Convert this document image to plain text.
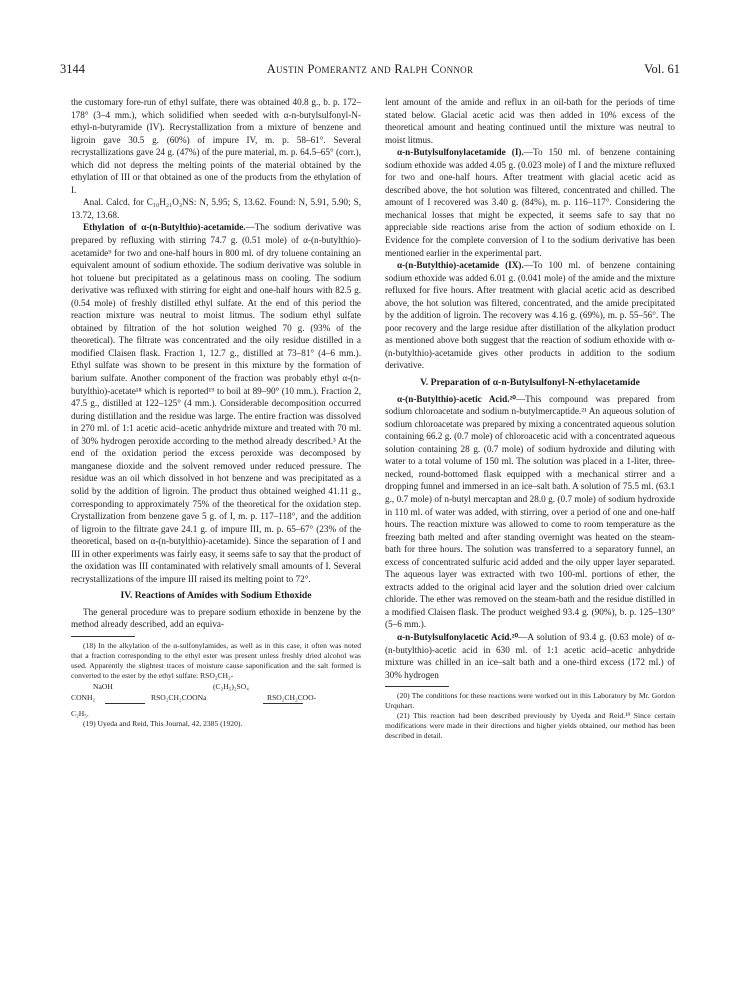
3144	Austin Pomerantz and Ralph Connor	Vol. 61

the customary fore-run of ethyl sulfate, there was obtained 40.8 g., b. p. 172–178° (3–4 mm.), which solidified when seeded with α-n-butylsulfonyl-N-ethyl-n-butyramide (IV). Recrystallization from a mixture of benzene and ligroin gave 30.5 g. (60%) of impure IV, m. p. 58–61°. Several recrystallizations gave 24 g. (47%) of the pure material, m. p. 64.5–65° (corr.), which did not depress the melting points of the material obtained by the ethylation of III or that obtained as one of the products from the ethylation of I.

Anal. Calcd. for C₁₀H₂₁O₃NS: N, 5.95; S, 13.62. Found: N, 5.91, 5.90; S, 13.72, 13.68.

Ethylation of α-(n-Butylthio)-acetamide.—The sodium derivative was prepared by refluxing with stirring 74.7 g. (0.51 mole) of α-(n-butylthio)-acetamide⁹ for two and one-half hours in 800 ml. of dry toluene containing an equivalent amount of sodium ethoxide. The sodium derivative was soluble in hot toluene but precipitated as a gelatinous mass on cooling. The sodium derivative was refluxed with stirring for eight and one-half hours with 82.5 g. (0.54 mole) of freshly distilled ethyl sulfate. At the end of this period the reaction mixture was neutral to moist litmus. The sodium ethyl sulfate obtained by filtration of the hot solution weighed 70 g. (93% of the theoretical). The filtrate was concentrated and the oily residue distilled in a modified Claisen flask. Fraction 1, 12.7 g., distilled at 73–81° (4–6 mm.). Ethyl sulfate was shown to be present in this mixture by the formation of barium sulfate. Another component of the fraction was probably ethyl α-(n-butylthio)-acetate¹⁸ which is reported¹⁹ to boil at 89–90° (10 mm.). Fraction 2, 47.5 g., distilled at 122–125° (4 mm.). Considerable decomposition occurred during distillation and the residue was large. The entire fraction was dissolved in 270 ml. of 1:1 acetic acid–acetic anhydride mixture and treated with 70 ml. of 30% hydrogen peroxide according to the method already described.³ At the end of the oxidation period the excess peroxide was decomposed by manganese dioxide and the solvent removed under reduced pressure. The residue was an oil which dissolved in hot benzene and was precipitated as a solid by the addition of ligroin. The product thus obtained weighed 41.11 g., corresponding to approximately 75% of the theoretical for the oxidation step. Crystallization from benzene gave 5 g. of I, m. p. 117–118°, and the addition of ligroin to the filtrate gave 24.1 g. of impure III, m. p. 65–67° (23% of the theoretical, based on α-(n-butylthio)-acetamide). Since the separation of I and III in other experiments was fairly easy, it seems safe to say that the product of the oxidation was III contaminated with relatively small amounts of I. Several recrystallizations of the impure III raised its melting point to 72°.

IV. Reactions of Amides with Sodium Ethoxide

The general procedure was to prepare sodium ethoxide in benzene by the method already described, add an equiva-

(18) In the alkylation of the α-sulfonylamides, as well as in this case, it often was noted that a fraction corresponding to the ethyl ester was present unless freshly dried alcohol was used. Apparently the slightest traces of moisture cause saponification and the salt formed is converted to the ester by the ethyl sulfate: RSO₂CH₂-

NaOH	(C₂H₅)₂SO₄
CONH₂
	RSO₂CH₂COONa	RSO₂CH₂COO-

C₂H₅.

(19) Uyeda and Reid, This Journal, 42, 2385 (1920).

lent amount of the amide and reflux in an oil-bath for the periods of time stated below. Glacial acetic acid was then added in 10% excess of the theoretical amount and heating continued until the mixture was neutral to moist litmus.

α-n-Butylsulfonylacetamide (I).—To 150 ml. of benzene containing sodium ethoxide was added 4.05 g. (0.023 mole) of I and the mixture refluxed for two and one-half hours. After treatment with glacial acetic acid as described above, the hot solution was filtered, concentrated and chilled. The amount of I recovered was 3.40 g. (84%), m. p. 116–117°. Considering the mechanical losses that might be expected, it seems safe to say that no appreciable side reactions arise from the action of sodium ethoxide on I. Evidence for the complete conversion of I to the sodium derivative has been mentioned earlier in the experimental part.

α-(n-Butylthio)-acetamide (IX).—To 100 ml. of benzene containing sodium ethoxide was added 6.01 g. (0.041 mole) of the amide and the mixture refluxed for five hours. After treatment with glacial acetic acid as described above, the hot solution was filtered, concentrated, and the amide precipitated by the addition of ligroin. The recovery was 4.16 g. (69%), m. p. 55–56°. The poor recovery and the large residue after distillation of the alkylation product as mentioned above both suggest that the reaction of sodium ethoxide with α-(n-butylthio)-acetamide gives other products in addition to the sodium derivative.

V. Preparation of α-n-Butylsulfonyl-N-ethylacetamide

α-(n-Butylthio)-acetic Acid.²⁰—This compound was prepared from sodium chloroacetate and sodium n-butylmercaptide.²¹ An aqueous solution of sodium chloroacetate was prepared by mixing a concentrated aqueous solution containing 66.2 g. (0.7 mole) of chloroacetic acid with a concentrated aqueous solution containing 28 g. (0.7 mole) of sodium hydroxide and diluting with water to a total volume of 150 ml. The solution was placed in a 1-liter, three-necked, round-bottomed flask equipped with a mechanical stirrer and a dropping funnel and immersed in an ice–salt bath. A solution of 75.5 ml. (63.1 g., 0.7 mole) of n-butyl mercaptan and 28.0 g. (0.7 mole) of sodium hydroxide in 110 ml. of water was added, with stirring, over a period of one and one-half hours. The reaction mixture was allowed to come to room temperature as the freezing bath melted and after standing overnight was heated on the steam-bath for three hours. The solution was transferred to a separatory funnel, an excess of concentrated sulfuric acid added and the oily upper layer separated. The aqueous layer was extracted with two 100-ml. portions of ether, the extracts added to the original acid layer and the solution dried over calcium chloride. The ether was removed on the steam-bath and the residue distilled in a modified Claisen flask. The product weighed 93.4 g. (90%), b. p. 125–130° (5–6 mm.).

α-n-Butylsulfonylacetic Acid.²⁰—A solution of 93.4 g. (0.63 mole) of α-(n-butylthio)-acetic acid in 630 ml. of 1:1 acetic acid–acetic anhydride mixture was chilled in an ice–salt bath and a one-third excess (172 ml.) of 30% hydrogen

(20) The conditions for these reactions were worked out in this Laboratory by Mr. Gordon Urquhart.

(21) This reaction had been described previously by Uyeda and Reid.¹⁹ Since certain modifications were made in their directions and higher yields obtained, our method has been described in detail.
